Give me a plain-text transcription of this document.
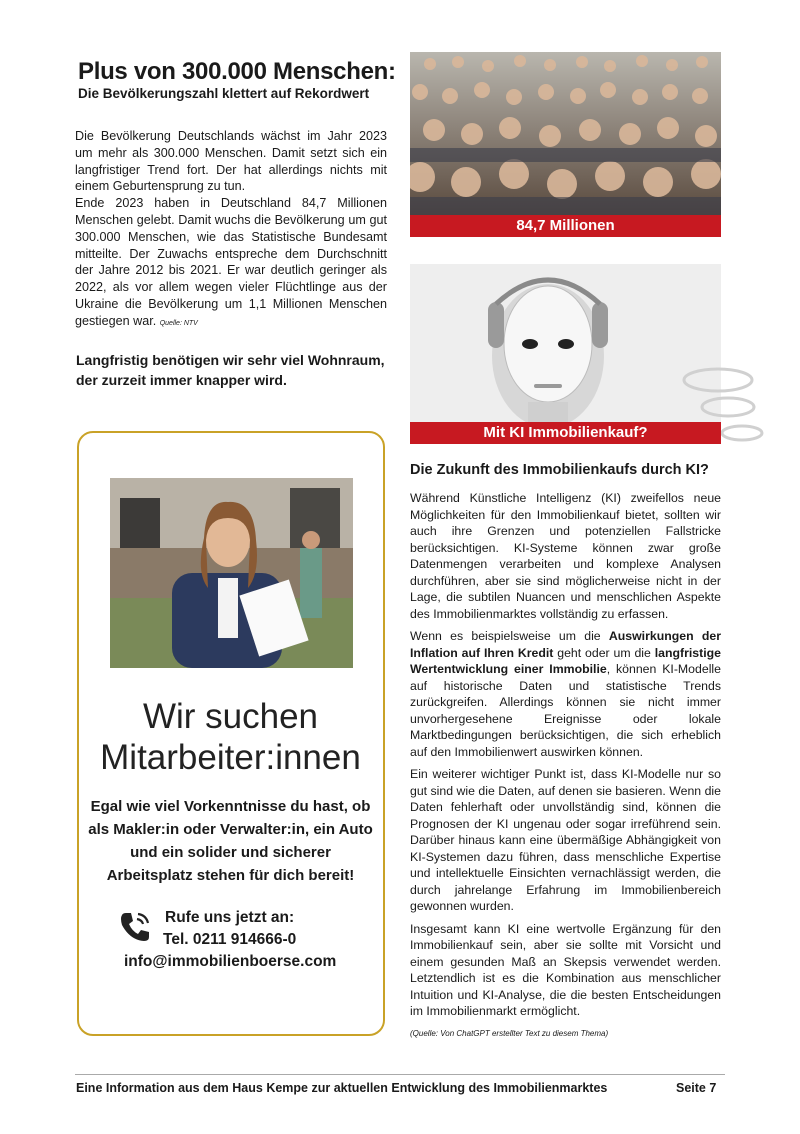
Plus von 300.000 Menschen:
Die Bevölkerungszahl klettert auf Rekordwert

Die Bevölkerung Deutschlands wächst im Jahr 2023 um mehr als 300.000 Menschen. Damit setzt sich ein langfristiger Trend fort. Der hat allerdings nichts mit einem Geburtensprung zu tun.

Ende 2023 haben in Deutschland 84,7 Millionen Menschen gelebt. Damit wuchs die Bevölkerung um gut 300.000 Menschen, wie das Statistische Bundesamt mitteilte. Der Zuwachs entspreche dem Durchschnitt der Jahre 2012 bis 2021. Er war deutlich geringer als 2022, als vor allem wegen vieler Flüchtlinge aus der Ukraine die Bevölkerung um 1,1 Millionen Menschen gestiegen war. Quelle: NTV

Langfristig benötigen wir sehr viel Wohnraum, der zurzeit immer knapper wird.

84,7 Millionen
Mit KI Immobilienkauf?
Die Zukunft des Immobilienkaufs durch KI?

Während Künstliche Intelligenz (KI) zweifellos neue Möglichkeiten für den Immobilienkauf bietet, sollten wir auch ihre Grenzen und potenziellen Fallstricke berücksichtigen. KI-Systeme können zwar große Datenmengen verarbeiten und komplexe Analysen durchführen, aber sie sind möglicherweise nicht in der Lage, die subtilen Nuancen und menschlichen Aspekte des Immobilienmarktes vollständig zu erfassen.

Wenn es beispielsweise um die Auswirkungen der Inflation auf Ihren Kredit geht oder um die langfristige Wertentwicklung einer Immobilie, können KI-Modelle auf historische Daten und statistische Trends zurückgreifen. Allerdings können sie nicht immer unvorhergesehene Ereignisse oder lokale Marktbedingungen berücksichtigen, die sich erheblich auf den Immobilienwert auswirken können.

Ein weiterer wichtiger Punkt ist, dass KI-Modelle nur so gut sind wie die Daten, auf denen sie basieren. Wenn die Daten fehlerhaft oder unvollständig sind, können die Prognosen der KI ungenau oder sogar irreführend sein. Darüber hinaus kann eine übermäßige Abhängigkeit von KI-Systemen dazu führen, dass menschliche Expertise und intellektuelle Einsichten vernachlässigt werden, die durch jahrelange Erfahrung im Immobilienbereich gewonnen wurden.

Insgesamt kann KI eine wertvolle Ergänzung für den Immobilienkauf sein, aber sie sollte mit Vorsicht und einem gesunden Maß an Skepsis verwendet werden. Letztendlich ist es die Kombination aus menschlicher Intuition und KI-Analyse, die die besten Entscheidungen im Immobilienmarkt ermöglicht.

(Quelle: Von ChatGPT erstellter Text zu diesem Thema)
Wir suchen
Mitarbeiter:innen

Egal wie viel Vorkenntnisse du hast, ob als Makler:in oder Verwalter:in, ein Auto und ein solider und sicherer Arbeitsplatz stehen für dich bereit!

Rufe uns jetzt an:
Tel. 0211 914666-0
info@immobilienboerse.com
Eine Information aus dem Haus Kempe zur aktuellen Entwicklung des Immobilienmarktes	Seite 7
